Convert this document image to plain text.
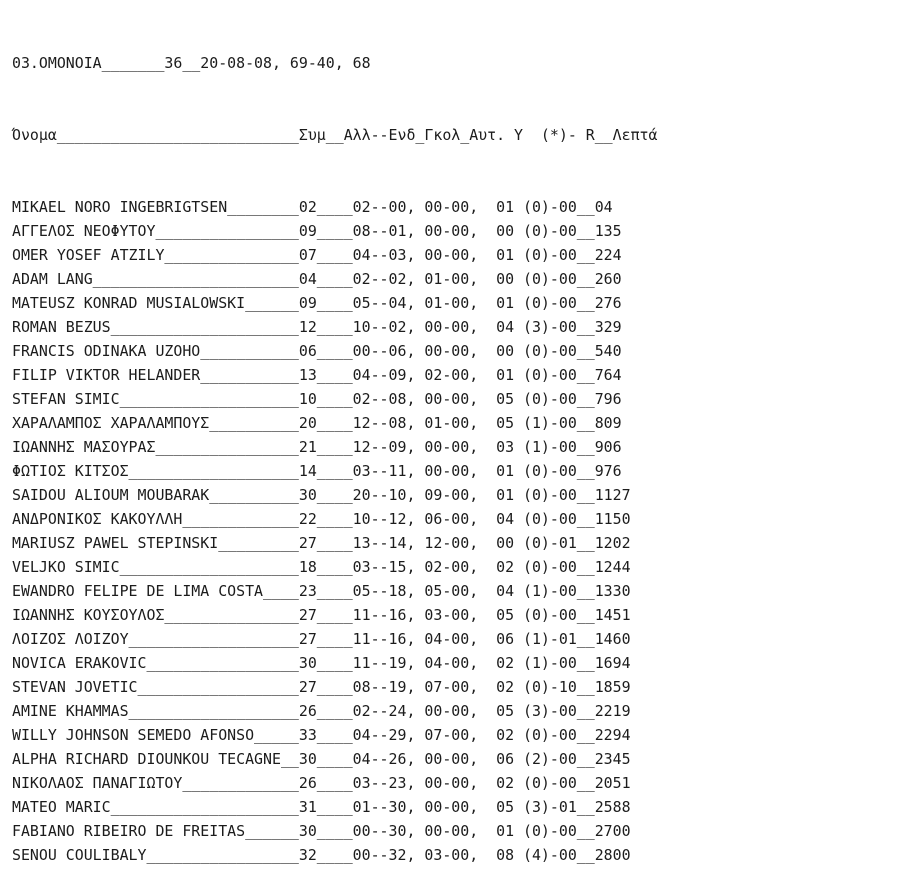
03.ΟΜΟΝΟΙΑ_______36__20-08-08, 69-40, 68

Όνομα___________________________Συμ__Αλλ--Ενδ_Γκολ_Αυτ. Υ  (*)- R__Λεπτά

MIKAEL NORO INGEBRIGTSEN________02____02--00, 00-00,  01 (0)-00__04
ΑΓΓΕΛΟΣ ΝΕΟΦΥΤΟΥ________________09____08--01, 00-00,  00 (0)-00__135
OMER YOSEF ATZILY_______________07____04--03, 00-00,  01 (0)-00__224
ADAM LANG_______________________04____02--02, 01-00,  00 (0)-00__260
MATEUSZ KONRAD MUSIALOWSKI______09____05--04, 01-00,  01 (0)-00__276
ROMAN BEZUS_____________________12____10--02, 00-00,  04 (3)-00__329
FRANCIS ODINAKA UZOHO___________06____00--06, 00-00,  00 (0)-00__540
FILIP VIKTOR HELANDER___________13____04--09, 02-00,  01 (0)-00__764
STEFAN SIMIC____________________10____02--08, 00-00,  05 (0)-00__796
ΧΑΡΑΛΑΜΠΟΣ ΧΑΡΑΛΑΜΠΟΥΣ__________20____12--08, 01-00,  05 (1)-00__809
ΙΩΑΝΝΗΣ ΜΑΣΟΥΡΑΣ________________21____12--09, 00-00,  03 (1)-00__906
ΦΩΤΙΟΣ ΚΙΤΣΟΣ___________________14____03--11, 00-00,  01 (0)-00__976
SAIDOU ALIOUM MOUBARAK__________30____20--10, 09-00,  01 (0)-00__1127
ΑΝΔΡΟΝΙΚΟΣ ΚΑΚΟΥΛΛΗ_____________22____10--12, 06-00,  04 (0)-00__1150
MARIUSZ PAWEL STEPINSKI_________27____13--14, 12-00,  00 (0)-01__1202
VELJKO SIMIC____________________18____03--15, 02-00,  02 (0)-00__1244
EWANDRO FELIPE DE LIMA COSTA____23____05--18, 05-00,  04 (1)-00__1330
ΙΩΑΝΝΗΣ ΚΟΥΣΟΥΛΟΣ_______________27____11--16, 03-00,  05 (0)-00__1451
ΛΟΙΖΟΣ ΛΟΙΖΟΥ___________________27____11--16, 04-00,  06 (1)-01__1460
NOVICA ERAKOVIC_________________30____11--19, 04-00,  02 (1)-00__1694
STEVAN JOVETIC__________________27____08--19, 07-00,  02 (0)-10__1859
AMINE KHAMMAS___________________26____02--24, 00-00,  05 (3)-00__2219
WILLY JOHNSON SEMEDO AFONSO_____33____04--29, 07-00,  02 (0)-00__2294
ALPHA RICHARD DIOUNKOU TECAGNE__30____04--26, 00-00,  06 (2)-00__2345
ΝΙΚΟΛΑΟΣ ΠΑΝΑΓΙΩΤΟΥ_____________26____03--23, 00-00,  02 (0)-00__2051
MATEO MARIC_____________________31____01--30, 00-00,  05 (3)-01__2588
FABIANO RIBEIRO DE FREITAS______30____00--30, 00-00,  01 (0)-00__2700
SENOU COULIBALY_________________32____00--32, 03-00,  08 (4)-00__2800
